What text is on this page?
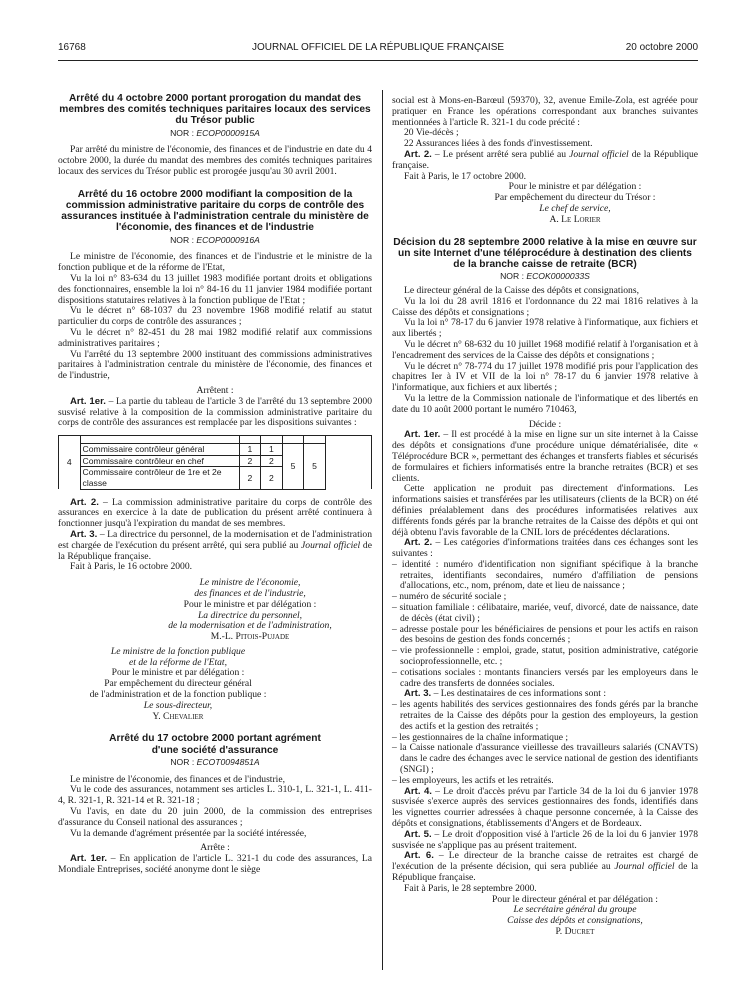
16768	JOURNAL OFFICIEL DE LA RÉPUBLIQUE FRANÇAISE	20 octobre 2000

Arrêté du 4 octobre 2000 portant prorogation du mandat des membres des comités techniques paritaires locaux des services du Trésor public

NOR : ECOP0000915A

Par arrêté du ministre de l'économie, des finances et de l'industrie en date du 4 octobre 2000, la durée du mandat des membres des comités techniques paritaires locaux des services du Trésor public est prorogée jusqu'au 30 avril 2001.

Arrêté du 16 octobre 2000 modifiant la composition de la commission administrative paritaire du corps de contrôle des assurances instituée à l'administration centrale du ministère de l'économie, des finances et de l'industrie

NOR : ECOP0000916A

Le ministre de l'économie, des finances et de l'industrie et le ministre de la fonction publique et de la réforme de l'Etat,

Vu la loi n° 83-634 du 13 juillet 1983 modifiée portant droits et obligations des fonctionnaires, ensemble la loi n° 84-16 du 11 janvier 1984 modifiée portant dispositions statutaires relatives à la fonction publique de l'Etat ;

Vu le décret n° 68-1037 du 23 novembre 1968 modifié relatif au statut particulier du corps de contrôle des assurances ;

Vu le décret n° 82-451 du 28 mai 1982 modifié relatif aux commissions administratives paritaires ;

Vu l'arrêté du 13 septembre 2000 instituant des commissions administratives paritaires à l'administration centrale du ministère de l'économie, des finances et de l'industrie,

Arrêtent :

Art. 1er. – La partie du tableau de l'article 3 de l'arrêté du 13 septembre 2000 susvisé relative à la composition de la commission administrative paritaire du corps de contrôle des assurances est remplacée par les dispositions suivantes :

4						
	Commissaire contrôleur général	1	1	5	5	
	Commissaire contrôleur en chef	2	2			
	Commissaire contrôleur de 1re et 2e classe	2	2			

Art. 2. – La commission administrative paritaire du corps de contrôle des assurances en exercice à la date de publication du présent arrêté continuera à fonctionner jusqu'à l'expiration du mandat de ses membres.

Art. 3. – La directrice du personnel, de la modernisation et de l'administration est chargée de l'exécution du présent arrêté, qui sera publié au Journal officiel de la République française.

Fait à Paris, le 16 octobre 2000.

Le ministre de l'économie,

des finances et de l'industrie,

Pour le ministre et par délégation :

La directrice du personnel,

de la modernisation et de l'administration,

M.-L. Pitois-Pujade

Le ministre de la fonction publique

et de la réforme de l'Etat,

Pour le ministre et par délégation :

Par empêchement du directeur général

de l'administration et de la fonction publique :

Le sous-directeur,

Y. Chevalier

Arrêté du 17 octobre 2000 portant agrément d'une société d'assurance

NOR : ECOT0094851A

Le ministre de l'économie, des finances et de l'industrie,

Vu le code des assurances, notamment ses articles L. 310-1, L. 321-1, L. 411-4, R. 321-1, R. 321-14 et R. 321-18 ;

Vu l'avis, en date du 20 juin 2000, de la commission des entreprises d'assurance du Conseil national des assurances ;

Vu la demande d'agrément présentée par la société intéressée,

Arrête :

Art. 1er. – En application de l'article L. 321-1 du code des assurances, La Mondiale Entreprises, société anonyme dont le siège

social est à Mons-en-Barœul (59370), 32, avenue Emile-Zola, est agréée pour pratiquer en France les opérations correspondant aux branches suivantes mentionnées à l'article R. 321-1 du code précité :

20 Vie-décès ;

22 Assurances liées à des fonds d'investissement.

Art. 2. – Le présent arrêté sera publié au Journal officiel de la République française.

Fait à Paris, le 17 octobre 2000.

Pour le ministre et par délégation :

Par empêchement du directeur du Trésor :

Le chef de service,

A. Le Lorier

Décision du 28 septembre 2000 relative à la mise en œuvre sur un site Internet d'une téléprocédure à destination des clients de la branche caisse de retraite (BCR)

NOR : ECOK0000033S

Le directeur général de la Caisse des dépôts et consignations,

Vu la loi du 28 avril 1816 et l'ordonnance du 22 mai 1816 relatives à la Caisse des dépôts et consignations ;

Vu la loi n° 78-17 du 6 janvier 1978 relative à l'informatique, aux fichiers et aux libertés ;

Vu le décret n° 68-632 du 10 juillet 1968 modifié relatif à l'organisation et à l'encadrement des services de la Caisse des dépôts et consignations ;

Vu le décret n° 78-774 du 17 juillet 1978 modifié pris pour l'application des chapitres Ier à IV et VII de la loi n° 78-17 du 6 janvier 1978 relative à l'informatique, aux fichiers et aux libertés ;

Vu la lettre de la Commission nationale de l'informatique et des libertés en date du 10 août 2000 portant le numéro 710463,

Décide :

Art. 1er. – Il est procédé à la mise en ligne sur un site internet à la Caisse des dépôts et consignations d'une procédure unique dématérialisée, dite « Téléprocédure BCR », permettant des échanges et transferts fiables et sécurisés de formulaires et fichiers informatisés entre la branche retraites (BCR) et ses clients.

Cette application ne produit pas directement d'informations. Les informations saisies et transférées par les utilisateurs (clients de la BCR) on été définies préalablement dans des procédures informatisées relatives aux différents fonds gérés par la branche retraites de la Caisse des dépôts et qui ont déjà obtenu l'avis favorable de la CNIL lors de précédentes déclarations.

Art. 2. – Les catégories d'informations traitées dans ces échanges sont les suivantes :

– identité : numéro d'identification non signifiant spécifique à la branche retraites, identifiants secondaires, numéro d'affiliation de pensions d'allocations, etc., nom, prénom, date et lieu de naissance ;

– numéro de sécurité sociale ;

– situation familiale : célibataire, mariée, veuf, divorcé, date de naissance, date de décès (état civil) ;

– adresse postale pour les bénéficiaires de pensions et pour les actifs en raison des besoins de gestion des fonds concernés ;

– vie professionnelle : emploi, grade, statut, position administrative, catégorie socioprofessionnelle, etc. ;

– cotisations sociales : montants financiers versés par les employeurs dans le cadre des transferts de données sociales.

Art. 3. – Les destinataires de ces informations sont :

– les agents habilités des services gestionnaires des fonds gérés par la branche retraites de la Caisse des dépôts pour la gestion des employeurs, la gestion des actifs et la gestion des retraités ;

– les gestionnaires de la chaîne informatique ;

– la Caisse nationale d'assurance vieillesse des travailleurs salariés (CNAVTS) dans le cadre des échanges avec le service national de gestion des identifiants (SNGI) ;

– les employeurs, les actifs et les retraités.

Art. 4. – Le droit d'accès prévu par l'article 34 de la loi du 6 janvier 1978 susvisée s'exerce auprès des services gestionnaires des fonds, identifiés dans les vignettes courrier adressées à chaque personne concernée, à la Caisse des dépôts et consignations, établissements d'Angers et de Bordeaux.

Art. 5. – Le droit d'opposition visé à l'article 26 de la loi du 6 janvier 1978 susvisée ne s'applique pas au présent traitement.

Art. 6. – Le directeur de la branche caisse de retraites est chargé de l'exécution de la présente décision, qui sera publiée au Journal officiel de la République française.

Fait à Paris, le 28 septembre 2000.

Pour le directeur général et par délégation :

Le secrétaire général du groupe

Caisse des dépôts et consignations,

P. Ducret
